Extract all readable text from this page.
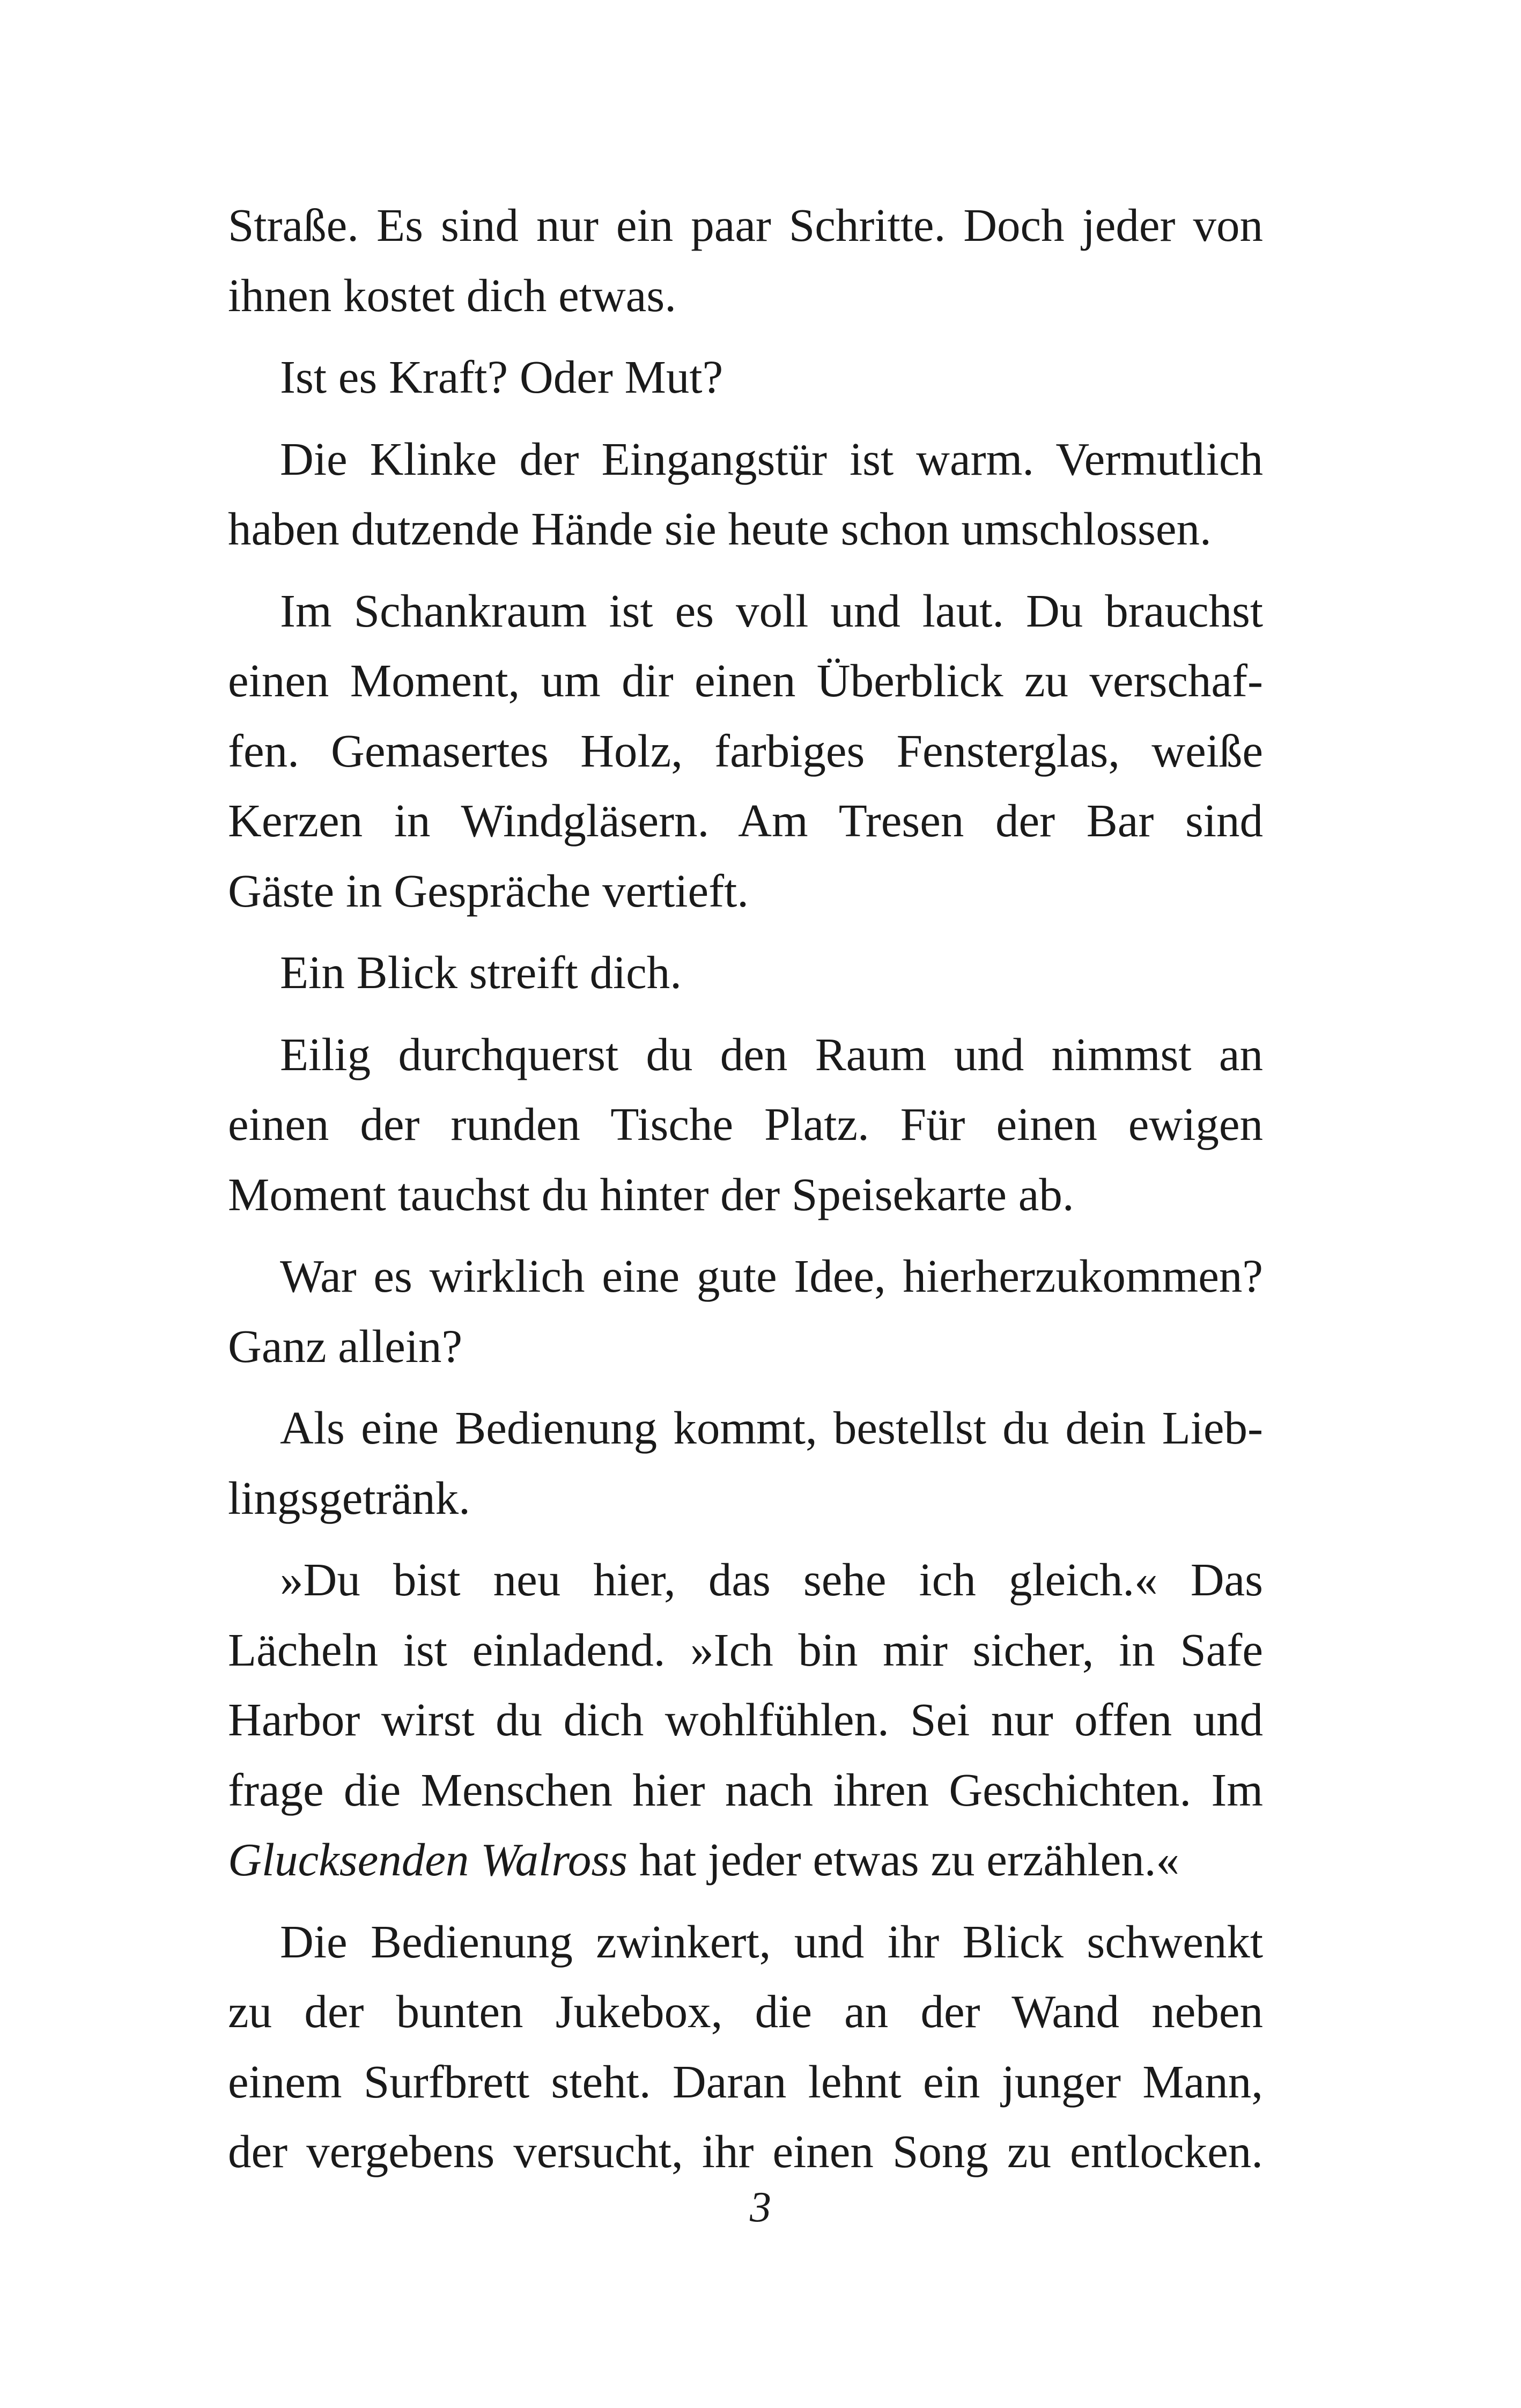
Straße. Es sind nur ein paar Schritte. Doch jeder von
ihnen kostet dich etwas.
Ist es Kraft? Oder Mut?
Die Klinke der Eingangstür ist warm. Vermutlich
haben dutzende Hände sie heute schon umschlossen.
Im Schankraum ist es voll und laut. Du brauchst
einen Moment, um dir einen Überblick zu verschaf-
fen. Gemasertes Holz, farbiges Fensterglas, weiße
Kerzen in Windgläsern. Am Tresen der Bar sind
Gäste in Gespräche vertieft.
Ein Blick streift dich.
Eilig durchquerst du den Raum und nimmst an
einen der runden Tische Platz. Für einen ewigen
Moment tauchst du hinter der Speisekarte ab.
War es wirklich eine gute Idee, hierherzukommen?
Ganz allein?
Als eine Bedienung kommt, bestellst du dein Lieb-
lingsgetränk.
»Du bist neu hier, das sehe ich gleich.« Das
Lächeln ist einladend. »Ich bin mir sicher, in Safe
Harbor wirst du dich wohlfühlen. Sei nur offen und
frage die Menschen hier nach ihren Geschichten. Im
Glucksenden Walross hat jeder etwas zu erzählen.«
Die Bedienung zwinkert, und ihr Blick schwenkt
zu der bunten Jukebox, die an der Wand neben
einem Surfbrett steht. Daran lehnt ein junger Mann,
der vergebens versucht, ihr einen Song zu entlocken.
3
